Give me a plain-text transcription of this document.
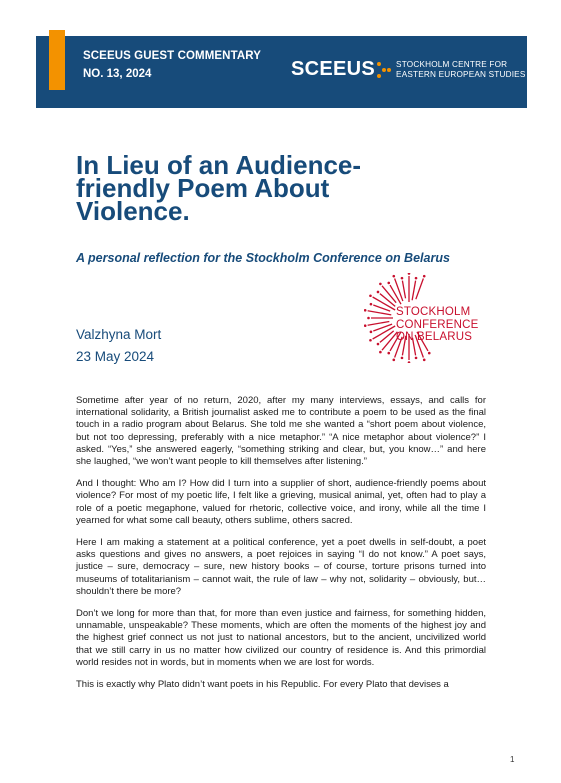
SCEEUS GUEST COMMENTARY
NO. 13, 2024	SCEEUS	STOCKHOLM CENTRE FOR
EASTERN EUROPEAN STUDIES
In Lieu of an Audience-friendly Poem About Violence.

A personal reflection for the Stockholm Conference on Belarus

Valzhyna Mort
23 May 2024
STOCKHOLM
CONFERENCE
ON BELARUS

Sometime after year of no return, 2020, after my many interviews, essays, and calls for international solidarity, a British journalist asked me to contribute a poem to be used as the final touch in a radio program about Belarus. She told me she wanted a “short poem about violence, but not too depressing, preferably with a nice metaphor.” “A nice metaphor about violence?” I asked. “Yes,” she answered eagerly, “something striking and clear, but, you know…” and here she laughed, “we won’t want people to kill themselves after listening.”

And I thought: Who am I? How did I turn into a supplier of short, audience-friendly poems about violence? For most of my poetic life, I felt like a grieving, musical animal, yet, often had to play a role of a poetic megaphone, valued for rhetoric, collective voice, and irony, while all the time I yearned for what some call beauty, others sublime, others sacred.

Here I am making a statement at a political conference, yet a poet dwells in self-doubt, a poet asks questions and gives no answers, a poet rejoices in saying “I do not know.” A poet says, justice – sure, democracy – sure, new history books – of course, torture prisons turned into museums of totalitarianism – cannot wait, the rule of law – why not, solidarity – obviously, but… shouldn’t there be more?

Don’t we long for more than that, for more than even justice and fairness, for something hidden, unnamable, unspeakable? These moments, which are often the moments of the highest joy and the highest grief connect us not just to national ancestors, but to the ancient, uncivilized world that we still carry in us no matter how civilized our country of residence is. And this primordial world resides not in words, but in moments when we are lost for words.

This is exactly why Plato didn’t want poets in his Republic. For every Plato that devises a

1
